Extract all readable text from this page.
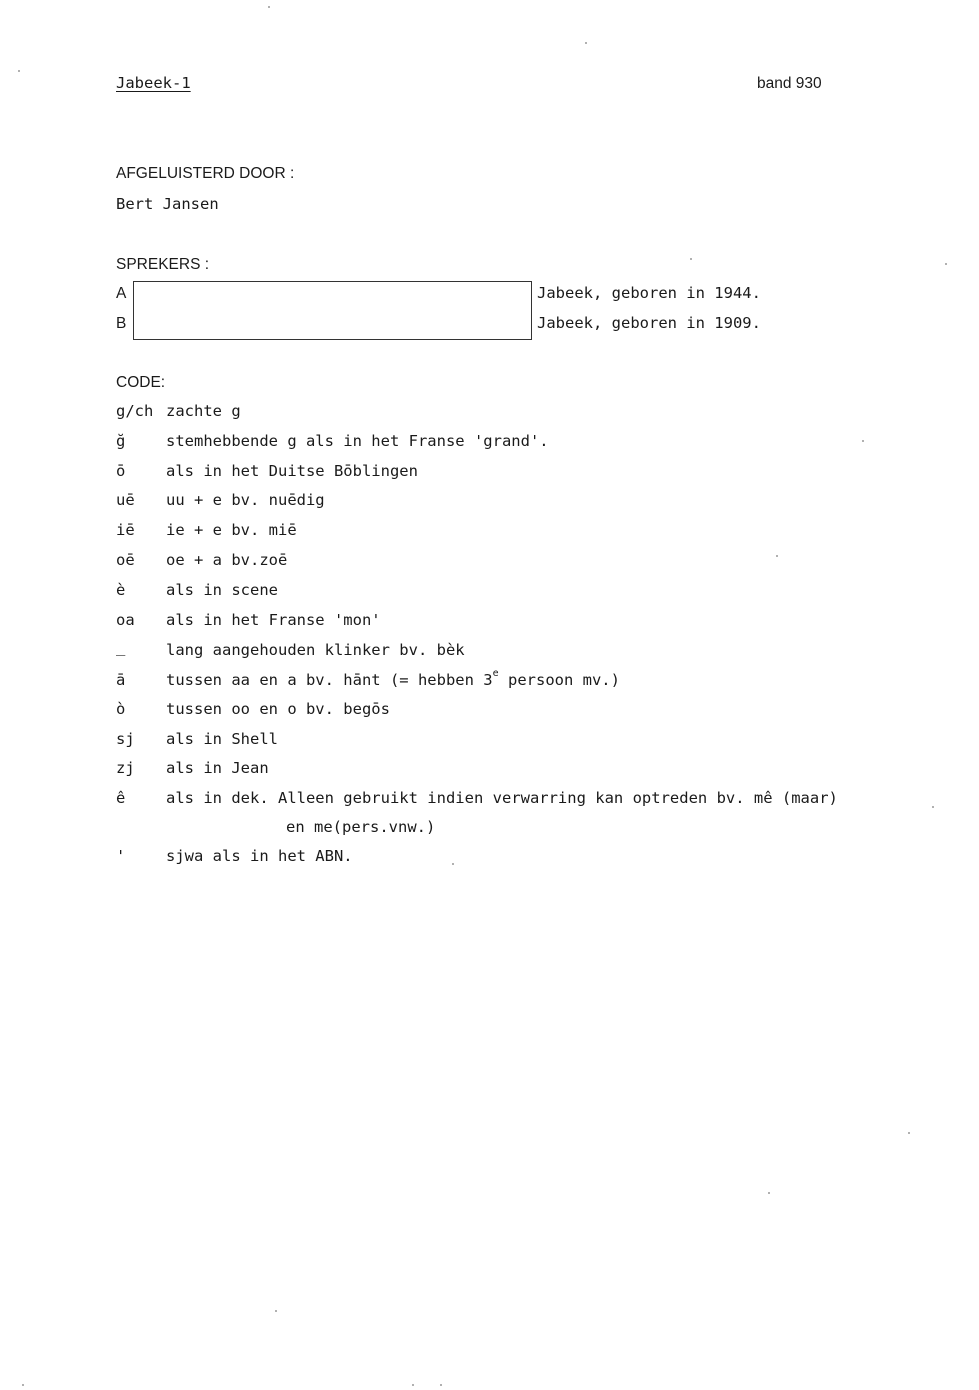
Jabeek-1	band 930
AFGELUISTERD DOOR :
Bert Jansen
SPREKERS :
A	Jabeek, geboren in 1944.
B	Jabeek, geboren in 1909.
CODE:
g/ch zachte g
ğ	stemhebbende g als in het Franse 'grand'.
ō	als in het Duitse Bōblingen
uē uu + e bv. nuēdig
iē ie + e bv. miē
oē oe + a bv.zoē
è	als in scene
oa als in het Franse 'mon'
_	lang aangehouden klinker bv. bèk
ā	tussen aa en a bv. hānt (= hebben 3e persoon mv.)
ò	tussen oo en o bv. begōs
sj als in Shell
zj als in Jean
ê	als in dek. Alleen gebruikt indien verwarring kan optreden bv. mê (maar)
en me(pers.vnw.)
'	sjwa als in het ABN.
